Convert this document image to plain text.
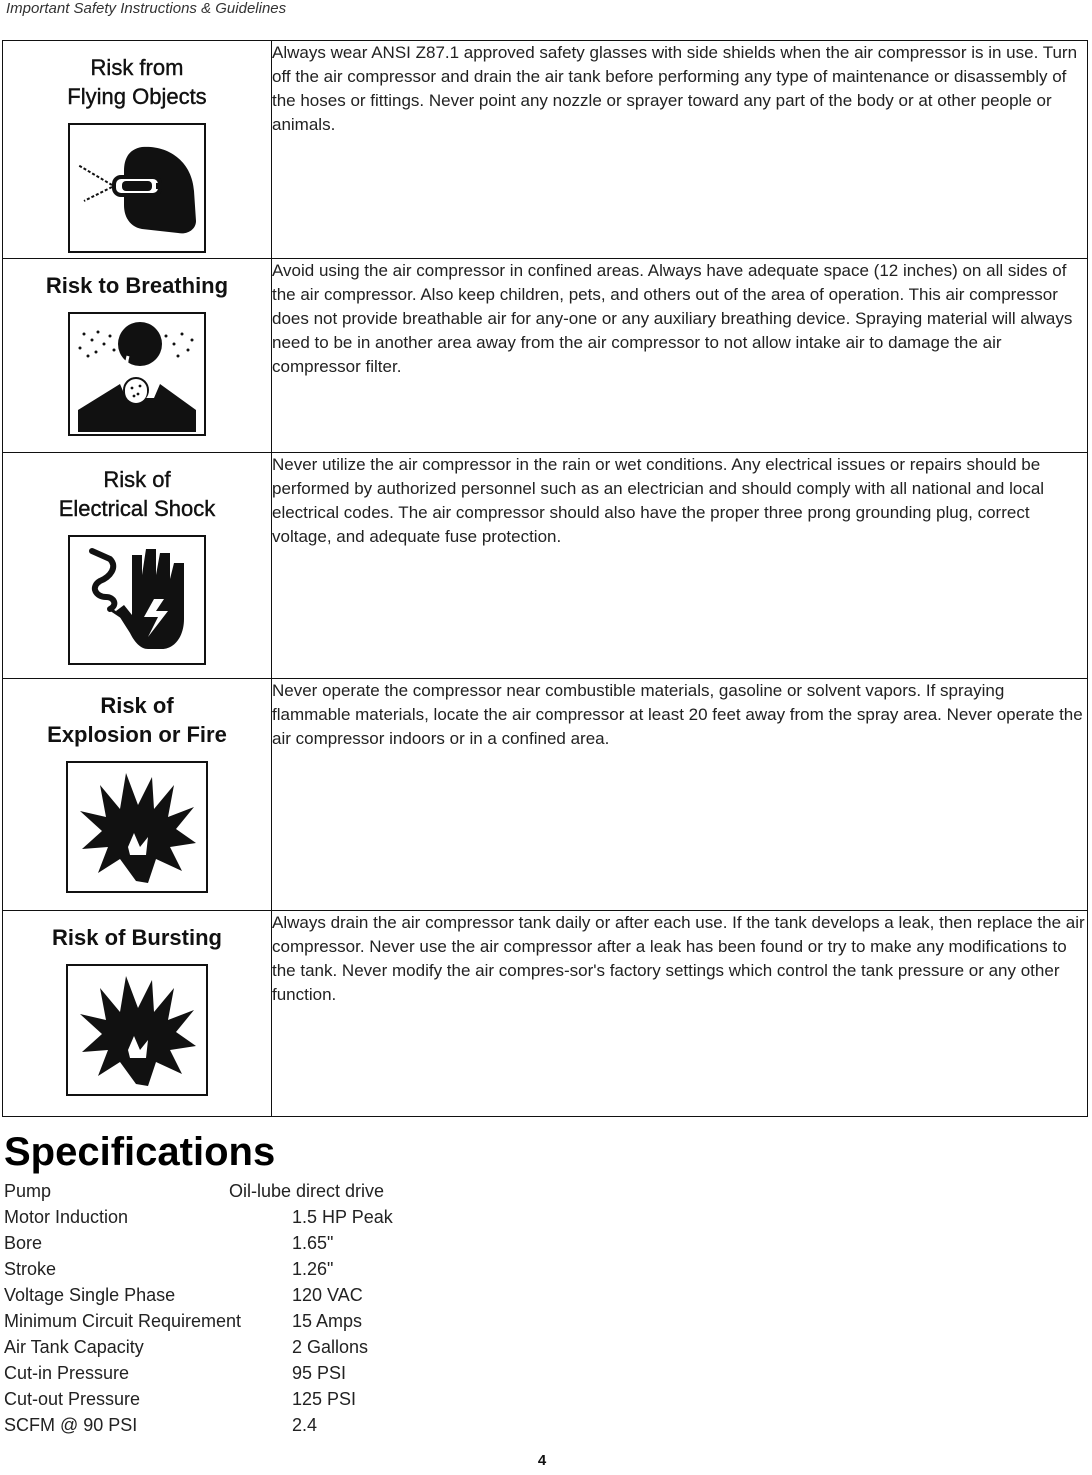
Important Safety Instructions & Guidelines
Risk from
Flying Objects	Always wear ANSI Z87.1 approved safety glasses with side shields when the air compressor is in use. Turn off the air compressor and drain the air tank before performing any type of maintenance or disassembly of the hoses or fittings. Never point any nozzle or sprayer toward any part of the body or at other people or animals.

Risk to Breathing	Avoid using the air compressor in confined areas. Always have adequate space (12 inches) on all sides of the air compressor. Also keep children, pets, and others out of the area of operation. This air compressor does not provide breathable air for any-one or any auxiliary breathing device. Spraying material will always need to be in another area away from the air compressor to not allow intake air to damage the air compressor filter.

Risk of
Electrical Shock	Never utilize the air compressor in the rain or wet conditions. Any electrical issues or repairs should be performed by authorized personnel such as an electrician and should comply with all national and local electrical codes. The air compressor should also have the proper three prong grounding plug, correct voltage, and adequate fuse protection.

Risk of
Explosion or Fire	Never operate the compressor near combustible materials, gasoline or solvent vapors. If spraying flammable materials, locate the air compressor at least 20 feet away from the spray area. Never operate the air compressor indoors or in a confined area.

Risk of Bursting	Always drain the air compressor tank daily or after each use. If the tank develops a leak, then replace the air compressor. Never use the air compressor after a leak has been found or try to make any modifications to the tank. Never modify the air compres-sor's factory settings which control the tank pressure or any other function.
Specifications
Pump	Oil-lube direct drive
Motor Induction	1.5 HP Peak
Bore	1.65"
Stroke	1.26"
Voltage Single Phase	120 VAC
Minimum Circuit Requirement	15 Amps
Air Tank Capacity	2 Gallons
Cut-in Pressure	95 PSI
Cut-out Pressure	125 PSI
SCFM @ 90 PSI	2.4
4
